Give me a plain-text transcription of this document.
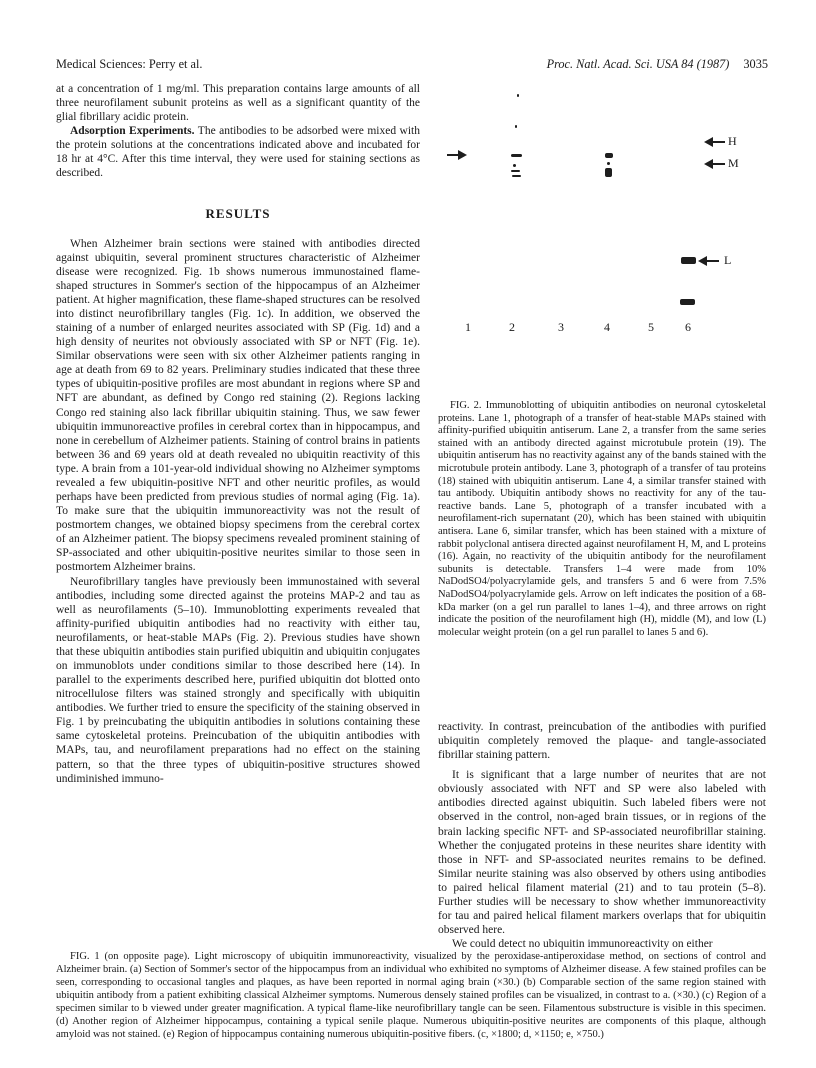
Medical Sciences: Perry et al.	Proc. Natl. Acad. Sci. USA 84 (1987) 3035

at a concentration of 1 mg/ml. This preparation contains large amounts of all three neurofilament subunit proteins as well as a significant quantity of the glial fibrillary acidic protein.

Adsorption Experiments. The antibodies to be adsorbed were mixed with the protein solutions at the concentrations indicated above and incubated for 18 hr at 4°C. After this time interval, they were used for staining sections as described.

RESULTS

When Alzheimer brain sections were stained with antibodies directed against ubiquitin, several prominent structures characteristic of Alzheimer disease were recognized. Fig. 1b shows numerous immunostained flame-shaped structures in Sommer's section of the hippocampus of an Alzheimer patient. At higher magnification, these flame-shaped structures can be resolved into distinct neurofibrillary tangles (Fig. 1c). In addition, we observed the staining of a number of enlarged neurites associated with SP (Fig. 1d) and a high density of neurites not obviously associated with SP or NFT (Fig. 1e). Similar observations were seen with six other Alzheimer patients ranging in age at death from 69 to 82 years. Preliminary studies indicated that these three types of ubiquitin-positive profiles are most abundant in regions where SP and NFT are abundant, as defined by Congo red staining (2). Regions lacking Congo red staining also lack fibrillar ubiquitin staining. Thus, we saw fewer ubiquitin immunoreactive profiles in cerebral cortex than in hippocampus, and none in cerebellum of Alzheimer patients. Staining of control brains in patients between 36 and 69 years old at death revealed no ubiquitin reactivity of this type. A brain from a 101-year-old individual showing no Alzheimer symptoms revealed a few ubiquitin-positive NFT and other neuritic profiles, as would perhaps have been predicted from previous studies of normal aging (Fig. 1a). To make sure that the ubiquitin immunoreactivity was not the result of postmortem changes, we obtained biopsy specimens from the cerebral cortex of an Alzheimer patient. The biopsy specimens revealed prominent staining of SP-associated and other ubiquitin-positive neurites similar to those seen in postmortem Alzheimer brains.

Neurofibrillary tangles have previously been immunostained with several antibodies, including some directed against the proteins MAP-2 and tau as well as neurofilaments (5–10). Immunoblotting experiments revealed that affinity-purified ubiquitin antibodies had no reactivity with either tau, neurofilaments, or heat-stable MAPs (Fig. 2). Previous studies have shown that these ubiquitin antibodies stain purified ubiquitin and ubiquitin conjugates on immunoblots under conditions similar to those described here (14). In parallel to the experiments described here, purified ubiquitin dot blotted onto nitrocellulose filters was stained strongly and specifically with ubiquitin antibodies. We further tried to ensure the specificity of the staining observed in Fig. 1 by preincubating the ubiquitin antibodies in solutions containing these same cytoskeletal proteins. Preincubation of the ubiquitin antibodies with MAPs, tau, and neurofilament preparations had no effect on the staining pattern, so that the three types of ubiquitin-positive structures showed undiminished immuno-

H
M
L
1	2	3	4	5	6

FIG. 2. Immunoblotting of ubiquitin antibodies on neuronal cytoskeletal proteins. Lane 1, photograph of a transfer of heat-stable MAPs stained with affinity-purified ubiquitin antiserum. Lane 2, a transfer from the same series stained with an antibody directed against microtubule protein (19). The ubiquitin antiserum has no reactivity against any of the bands stained with the microtubule protein antibody. Lane 3, photograph of a transfer of tau proteins (18) stained with ubiquitin antiserum. Lane 4, a similar transfer stained with tau antibody. Ubiquitin antibody shows no reactivity for any of the tau-reactive bands. Lane 5, photograph of a transfer incubated with a neurofilament-rich supernatant (20), which has been stained with ubiquitin antisera. Lane 6, similar transfer, which has been stained with a mixture of rabbit polyclonal antisera directed against neurofilament H, M, and L proteins (16). Again, no reactivity of the ubiquitin antibody for the neurofilament subunits is detectable. Transfers 1–4 were made from 10% NaDodSO4/polyacrylamide gels, and transfers 5 and 6 were from 7.5% NaDodSO4/polyacrylamide gels. Arrow on left indicates the position of a 68-kDa marker (on a gel run parallel to lanes 1–4), and three arrows on right indicate the position of the neurofilament high (H), middle (M), and low (L) molecular weight protein (on a gel run parallel to lanes 5 and 6).

reactivity. In contrast, preincubation of the antibodies with purified ubiquitin completely removed the plaque- and tangle-associated fibrillar staining pattern.

It is significant that a large number of neurites that are not obviously associated with NFT and SP were also labeled with antibodies directed against ubiquitin. Such labeled fibers were not observed in the control, non-aged brain tissues, or in regions of the brain lacking specific NFT- and SP-associated neurofibrillar staining. Whether the conjugated proteins in these neurites share identity with those in NFT- and SP-associated neurites remains to be defined. Similar neurite staining was also observed by others using antibodies to paired helical filament material (21) and to tau protein (5–8). Further studies will be necessary to show whether immunoreactivity for tau and paired helical filament markers overlaps that for ubiquitin observed here.

We could detect no ubiquitin immunoreactivity on either

FIG. 1 (on opposite page). Light microscopy of ubiquitin immunoreactivity, visualized by the peroxidase-antiperoxidase method, on sections of control and Alzheimer brain. (a) Section of Sommer's sector of the hippocampus from an individual who exhibited no symptoms of Alzheimer disease. A few stained profiles can be seen, corresponding to occasional tangles and plaques, as have been reported in normal aging brain (×30.) (b) Comparable section of the same region stained with ubiquitin antibody from a patient exhibiting classical Alzheimer symptoms. Numerous densely stained profiles can be visualized, in contrast to a. (×30.) (c) Region of a specimen similar to b viewed under greater magnification. A typical flame-like neurofibrillary tangle can be seen. Filamentous substructure is visible in this specimen. (d) Another region of Alzheimer hippocampus, containing a typical senile plaque. Numerous ubiquitin-positive neurites are components of this plaque, although amyloid was not stained. (e) Region of hippocampus containing numerous ubiquitin-positive fibers. (c, ×1800; d, ×1150; e, ×750.)
